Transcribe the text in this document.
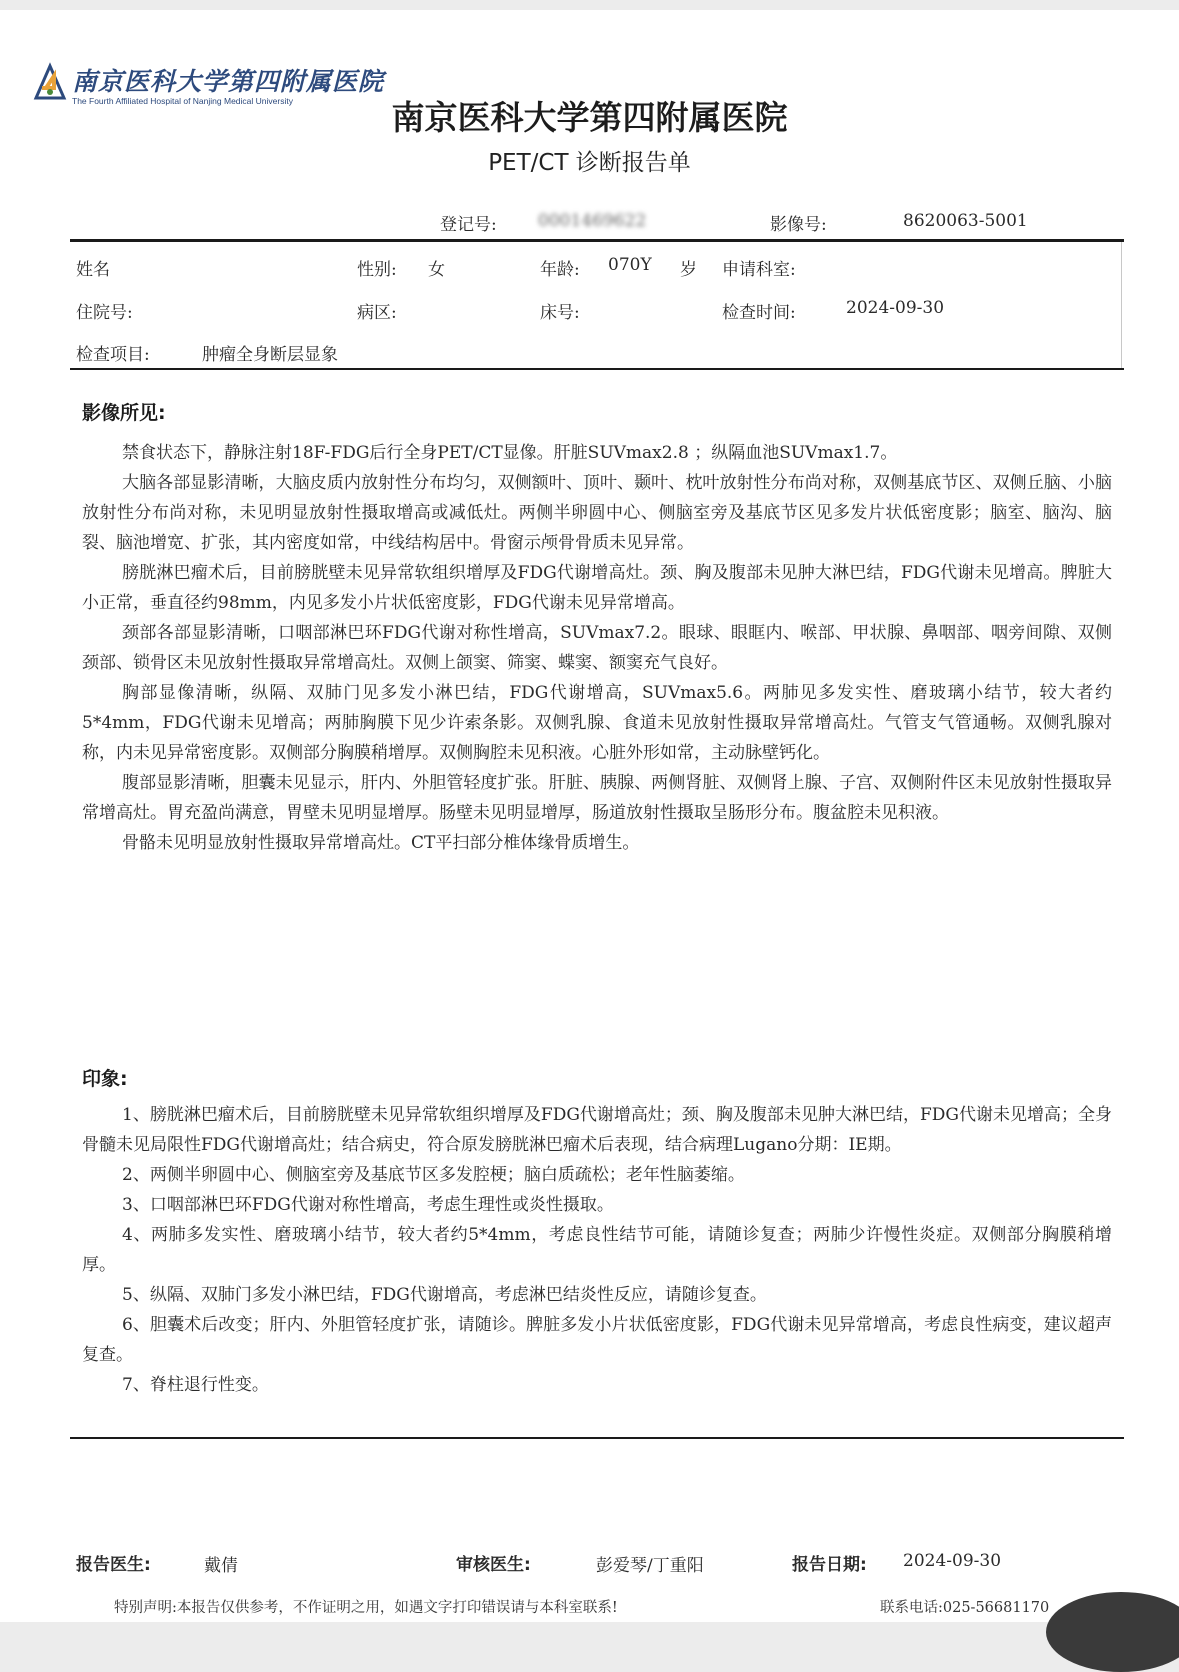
南京医科大学第四附属医院
The Fourth Affiliated Hospital of Nanjing Medical University	南京医科大学第四附属医院
PET/CT 诊断报告单
登记号: 0001469622	影像号:	8620063-5001
姓名	性别: 女	年龄: 070Y 岁 申请科室:
住院号:	病区:	床号:	检查时间:	2024-09-30
检查项目:	肿瘤全身断层显象
影像所见:

禁食状态下，静脉注射18F-FDG后行全身PET/CT显像。肝脏SUVmax2.8 ；纵隔血池SUVmax1.7。

大脑各部显影清晰，大脑皮质内放射性分布均匀，双侧额叶、顶叶、颞叶、枕叶放射性分布尚对称，双侧基底节区、双侧丘脑、小脑放射性分布尚对称，未见明显放射性摄取增高或减低灶。两侧半卵圆中心、侧脑室旁及基底节区见多发片状低密度影；脑室、脑沟、脑裂、脑池增宽、扩张，其内密度如常，中线结构居中。骨窗示颅骨骨质未见异常。

膀胱淋巴瘤术后，目前膀胱壁未见异常软组织增厚及FDG代谢增高灶。颈、胸及腹部未见肿大淋巴结，FDG代谢未见增高。脾脏大小正常，垂直径约98mm，内见多发小片状低密度影，FDG代谢未见异常增高。

颈部各部显影清晰，口咽部淋巴环FDG代谢对称性增高，SUVmax7.2。眼球、眼眶内、喉部、甲状腺、鼻咽部、咽旁间隙、双侧颈部、锁骨区未见放射性摄取异常增高灶。双侧上颌窦、筛窦、蝶窦、额窦充气良好。

胸部显像清晰，纵隔、双肺门见多发小淋巴结，FDG代谢增高，SUVmax5.6。两肺见多发实性、磨玻璃小结节，较大者约5*4mm，FDG代谢未见增高；两肺胸膜下见少许索条影。双侧乳腺、食道未见放射性摄取异常增高灶。气管支气管通畅。双侧乳腺对称，内未见异常密度影。双侧部分胸膜稍增厚。双侧胸腔未见积液。心脏外形如常，主动脉壁钙化。

腹部显影清晰，胆囊未见显示，肝内、外胆管轻度扩张。肝脏、胰腺、两侧肾脏、双侧肾上腺、子宫、双侧附件区未见放射性摄取异常增高灶。胃充盈尚满意，胃壁未见明显增厚。肠壁未见明显增厚，肠道放射性摄取呈肠形分布。腹盆腔未见积液。

骨骼未见明显放射性摄取异常增高灶。CT平扫部分椎体缘骨质增生。

印象:

1、膀胱淋巴瘤术后，目前膀胱壁未见异常软组织增厚及FDG代谢增高灶；颈、胸及腹部未见肿大淋巴结，FDG代谢未见增高；全身骨髓未见局限性FDG代谢增高灶；结合病史，符合原发膀胱淋巴瘤术后表现，结合病理Lugano分期：IE期。

2、两侧半卵圆中心、侧脑室旁及基底节区多发腔梗；脑白质疏松；老年性脑萎缩。

3、口咽部淋巴环FDG代谢对称性增高，考虑生理性或炎性摄取。

4、两肺多发实性、磨玻璃小结节，较大者约5*4mm，考虑良性结节可能，请随诊复查；两肺少许慢性炎症。双侧部分胸膜稍增厚。

5、纵隔、双肺门多发小淋巴结，FDG代谢增高，考虑淋巴结炎性反应，请随诊复查。

6、胆囊术后改变；肝内、外胆管轻度扩张，请随诊。脾脏多发小片状低密度影，FDG代谢未见异常增高，考虑良性病变，建议超声复查。

7、脊柱退行性变。

报告医生:	戴倩	审核医生:	彭爱琴/丁重阳	报告日期: 2024-09-30
特别声明:本报告仅供参考，不作证明之用，如遇文字打印错误请与本科室联系!	联系电话:025-56681170
